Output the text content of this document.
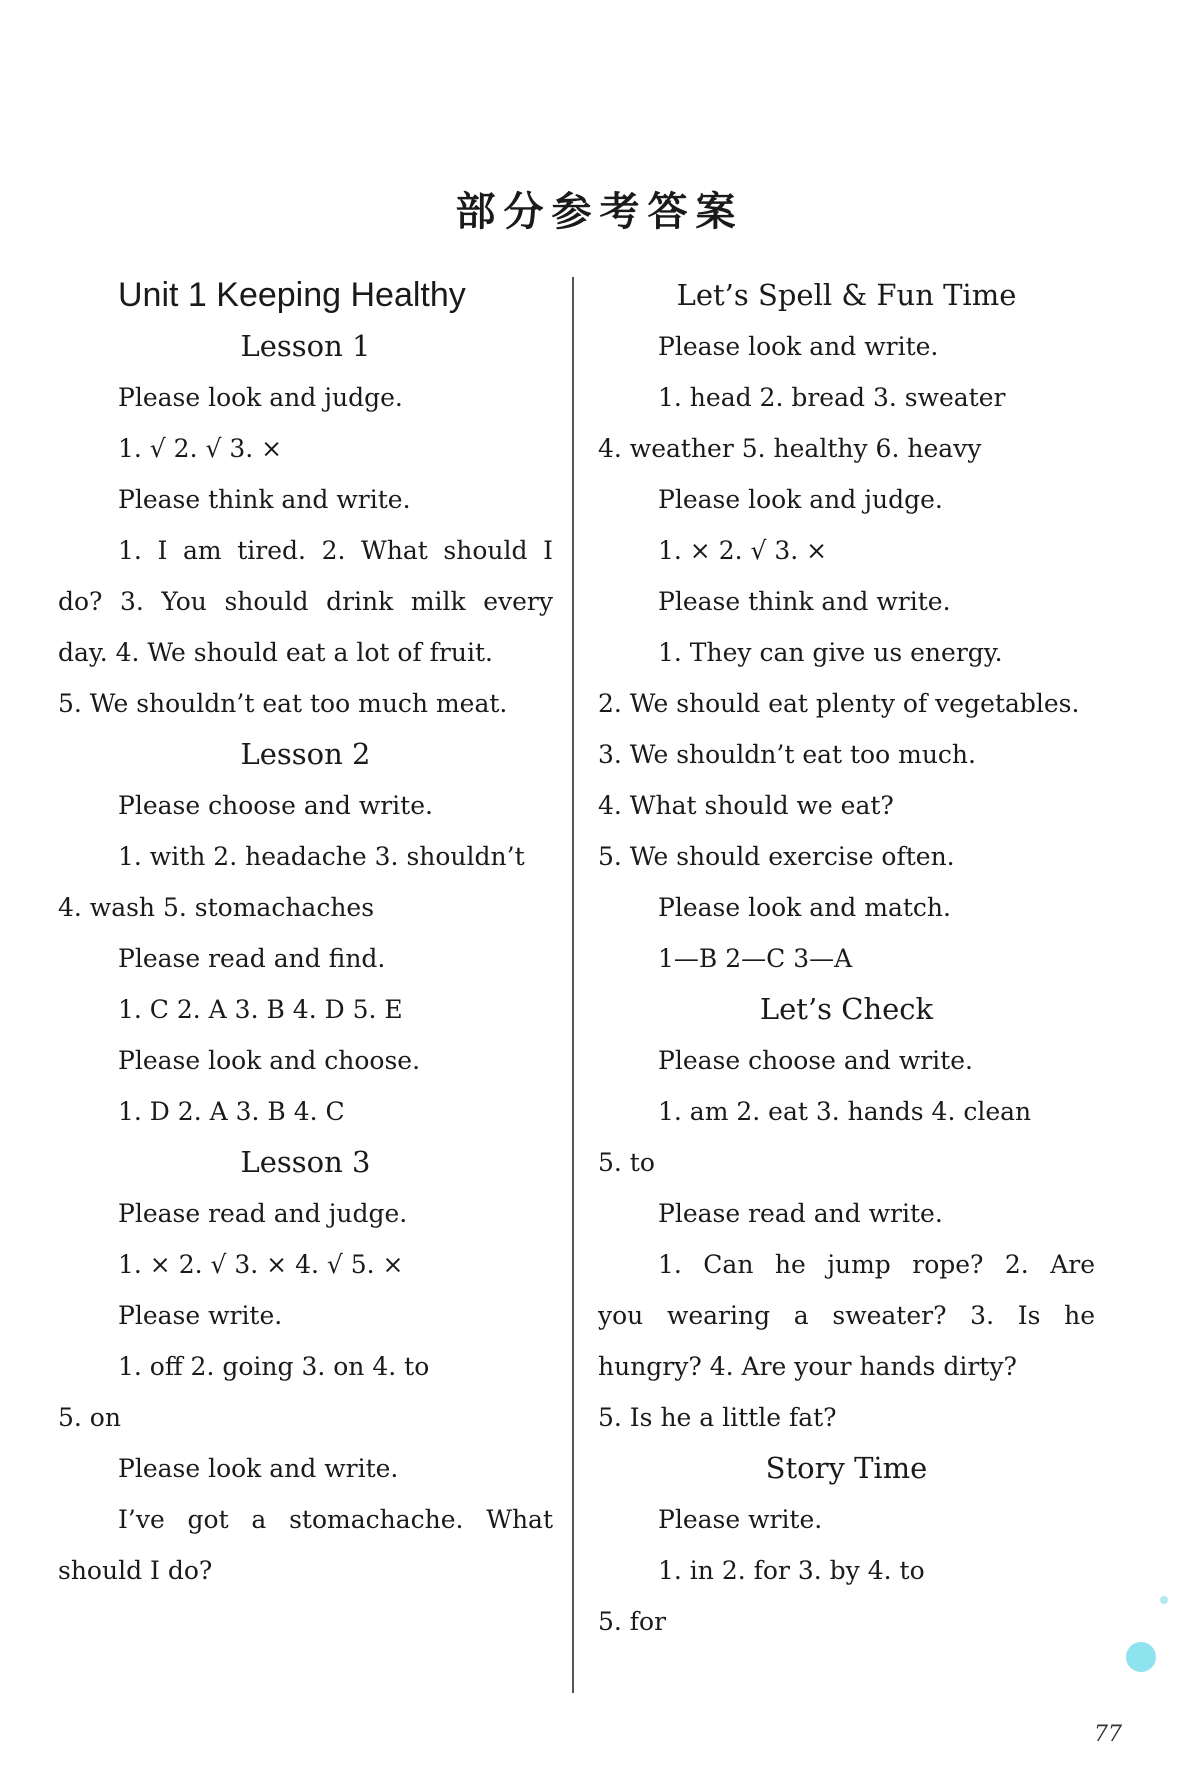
部分参考答案
Unit 1 Keeping Healthy
Lesson 1
Please look and judge.
1. √ 2. √ 3. ×
Please think and write.
1. I am tired. 2. What should I
do? 3. You should drink milk every
day. 4. We should eat a lot of fruit.
5. We shouldn’t eat too much meat.
Lesson 2
Please choose and write.
1. with 2. headache 3. shouldn’t
4. wash 5. stomachaches
Please read and find.
1. C 2. A 3. B 4. D 5. E
Please look and choose.
1. D 2. A 3. B 4. C
Lesson 3
Please read and judge.
1. × 2. √ 3. × 4. √ 5. ×
Please write.
1. off 2. going 3. on 4. to
5. on
Please look and write.
I’ve got a stomachache. What
should I do?
Let’s Spell & Fun Time
Please look and write.
1. head 2. bread 3. sweater
4. weather 5. healthy 6. heavy
Please look and judge.
1. × 2. √ 3. ×
Please think and write.
1. They can give us energy.
2. We should eat plenty of vegetables.
3. We shouldn’t eat too much.
4. What should we eat?
5. We should exercise often.
Please look and match.
1—B 2—C 3—A
Let’s Check
Please choose and write.
1. am 2. eat 3. hands 4. clean
5. to
Please read and write.
1. Can he jump rope? 2. Are
you wearing a sweater? 3. Is he
hungry? 4. Are your hands dirty?
5. Is he a little fat?
Story Time
Please write.
1. in 2. for 3. by 4. to
5. for
77
